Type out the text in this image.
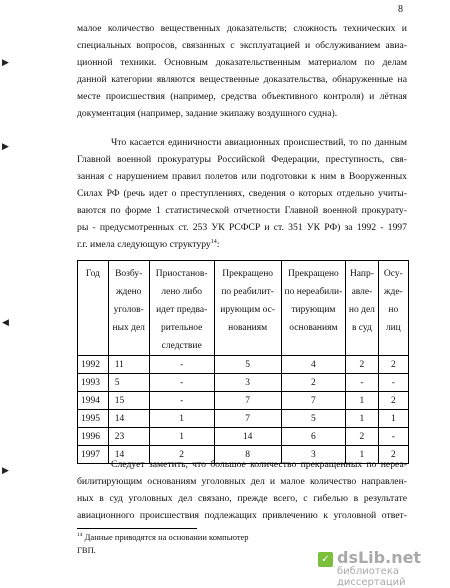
8
▶
▶
◀
▶

малое количество вещественных доказательств; сложность технических и

специальных вопросов, связанных с эксплуатацией и обслуживанием авиа-

ционной техники. Основным доказательственным материалом по делам

данной категории являются вещественные доказательства, обнаруженные на

месте происшествия (например, средства объективного контроля) и лётная

документация (например, задание экипажу воздушного судна).

Что касается единичности авиационных происшествий, то по данным

Главной военной прокуратуры Российской Федерации, преступность, свя-

занная с нарушением правил полетов или подготовки к ним в Вооруженных

Силах РФ (речь идет о преступлениях, сведения о которых отдельно учиты-

ваются по форме 1 статистической отчетности Главной военной прокурату-

ры - предусмотренных ст. 253 УК РСФСР и ст. 351 УК РФ) за 1992 - 1997

г.г. имела следующую структуру$^{14}$:

Год	Возбу-
ждено
уголов-
ных дел	Приостанов-
лено либо
идет предва-
рительное
следствие	Прекращено
по реабилит-
ирующим ос-
нованиям	Прекращено
по нереабили-
тирующим
основаниям	Напр-
авле-
но дел
в суд	Осу-
жде-
но
лиц
1992	11	-	5	4	2	2
1993	5	-	3	2	-	-
1994	15	-	7	7	1	2
1995	14	1	7	5	1	1
1996	23	1	14	6	2	-
1997	14	2	8	3	1	2

Следует заметить, что большое количество прекращенных по нереа-

билитирующим основаниям уголовных дел и малое количество направлен-

ных в суд уголовных дел связано, прежде всего, с гибелью в результате

авиационного происшествия подлежащих привлечению к уголовной ответ-

$^{14}$ Данные приводятся на основании компьютер
ГВП.
✓ dsLib.net
библиотека диссертаций
